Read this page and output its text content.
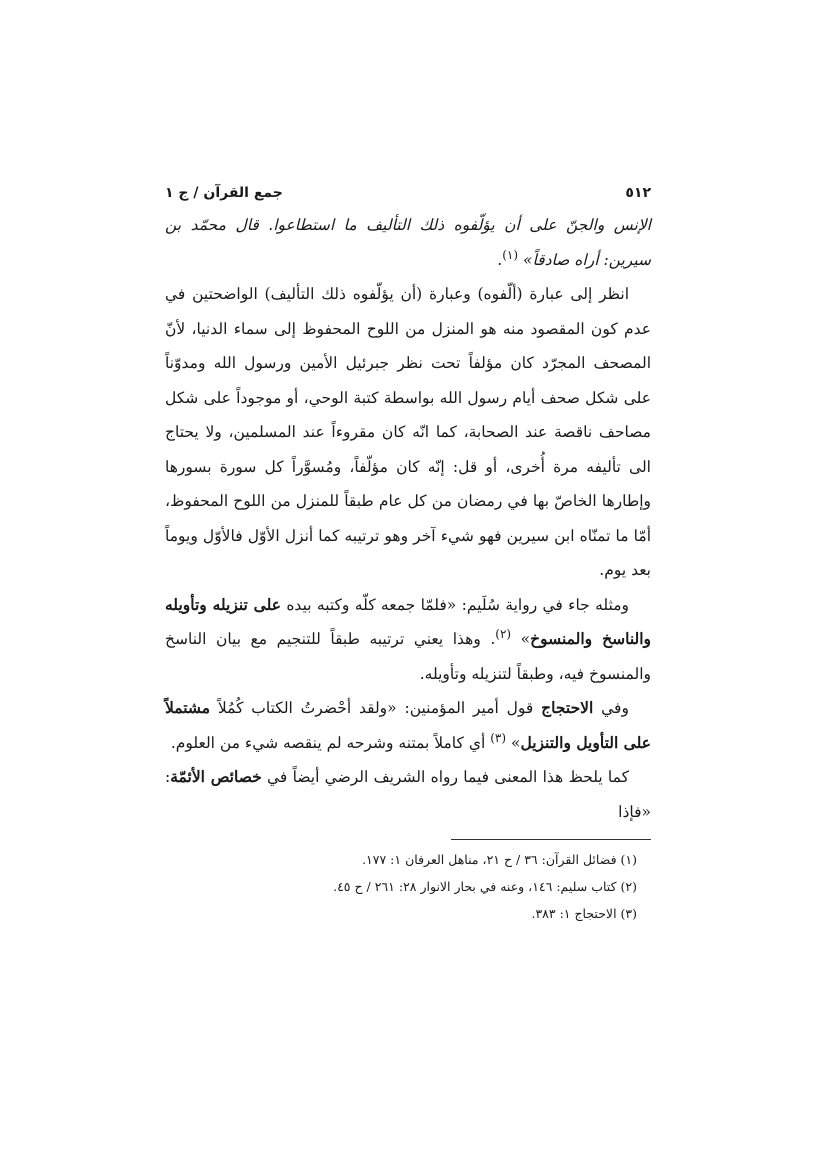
٥١٢
جمع القرآن / ج ١

الإنس والجنّ على أن يؤلّفوه ذلك التأليف ما استطاعوا. قال محمّد بن سيرين: أراه صادقاً» $^{(١)}$.

انظر إلى عبارة (ألّفوه) وعبارة (أن يؤلّفوه ذلك التأليف) الواضحتين في عدم كون المقصود منه هو المنزل من اللوح المحفوظ إلى سماء الدنيا، لأنّ المصحف المجرّد كان مؤلفاً تحت نظر جبرئيل الأمين ورسول الله ومدوّناً على شكل صحف أيام رسول الله بواسطة كتبة الوحي، أو موجوداً على شكل مصاحف ناقصة عند الصحابة، كما انّه كان مقروءاً عند المسلمين، ولا يحتاج الى تأليفه مرة أُخرى، أو قل: إنّه كان مؤلّفاً، ومُسوَّراً كل سورة بسورها وإطارها الخاصّ بها في رمضان من كل عام طبقاً للمنزل من اللوح المحفوظ، أمّا ما تمنّاه ابن سيرين فهو شيء آخر وهو ترتيبه كما أنزل الأوّل فالأوّل ويوماً بعد يوم.

ومثله جاء في رواية سُلَيم: «فلمّا جمعه كلّه وكتبه بيده على تنزيله وتأويله والناسخ والمنسوخ» $^{(٢)}$. وهذا يعني ترتيبه طبقاً للتنجيم مع بيان الناسخ والمنسوخ فيه، وطبقاً لتنزيله وتأويله.

وفي الاحتجاج قول أمير المؤمنين: «ولقد أحْضرتُ الكتاب كُمُلاً مشتملاً على التأويل والتنزيل» $^{(٣)}$ أي كاملاً بمتنه وشرحه لم ينقصه شيء من العلوم.

كما يلحظ هذا المعنى فيما رواه الشريف الرضي أيضاً في خصائص الأئمّة: «فإذا

(١) فضائل القرآن: ٣٦ / ح ٢١، مناهل العرفان ١: ١٧٧.
(٢) كتاب سليم: ١٤٦، وعنه في بحار الانوار ٢٨: ٢٦١ / ح ٤٥.
(٣) الاحتجاج ١: ٣٨٣.
